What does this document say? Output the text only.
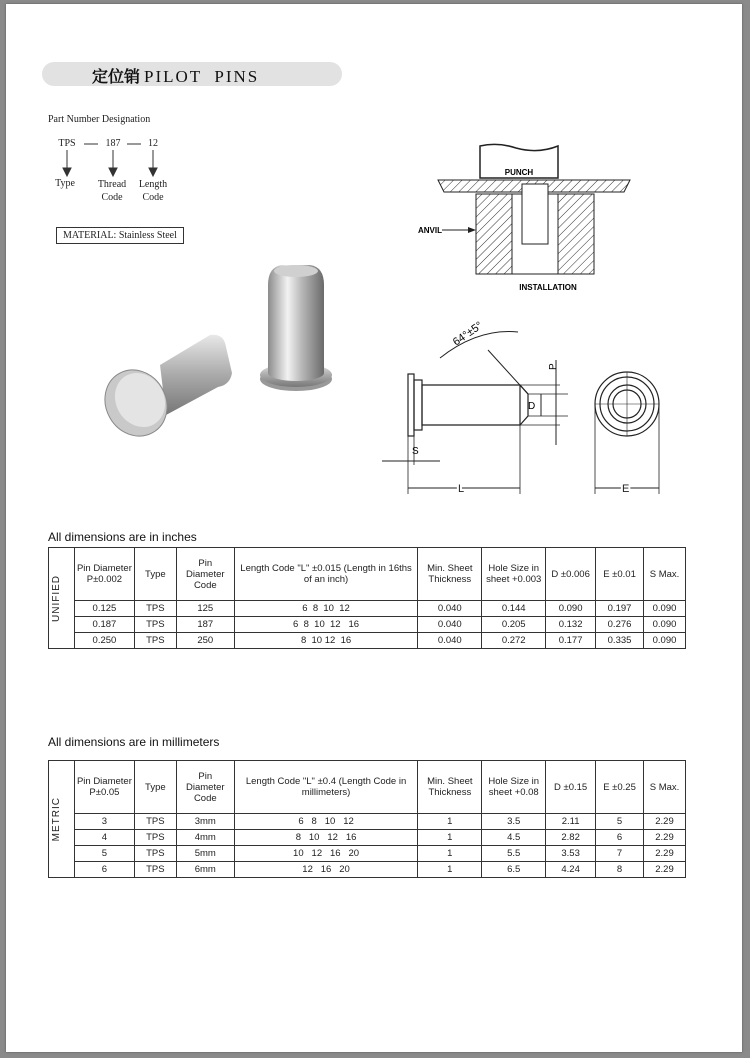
定位销 PILOT  PINS
Part Number Designation
TPS	187	12
Type	Thread Code
Length Code
MATERIAL: Stainless Steel
PUNCH
ANVIL
INSTALLATION
64°±5°
D
P
S
L	E
All dimensions are in inches
UNIFIED	Pin Diameter P±0.002	Type	Pin Diameter Code	Length Code "L" ±0.015 (Length in 16ths of an inch)	Min. Sheet Thickness	Hole Size in sheet +0.003	D ±0.006	E ±0.01	S Max.
	0.125	TPS	125	6  8  10  12	0.040	0.144	0.090	0.197	0.090
	0.187	TPS	187	6  8  10  12   16	0.040	0.205	0.132	0.276	0.090
	0.250	TPS	250	8  10 12  16	0.040	0.272	0.177	0.335	0.090
All dimensions are in millimeters
METRIC	Pin Diameter P±0.05	Type	Pin Diameter Code	Length Code "L" ±0.4 (Length Code in millimeters)	Min. Sheet Thickness	Hole Size in sheet +0.08	D ±0.15	E ±0.25	S Max.
	3	TPS	3mm	6   8   10   12	1	3.5	2.11	5	2.29
	4	TPS	4mm	8   10   12   16	1	4.5	2.82	6	2.29
	5	TPS	5mm	10   12   16   20	1	5.5	3.53	7	2.29
	6	TPS	6mm	12   16   20	1	6.5	4.24	8	2.29
